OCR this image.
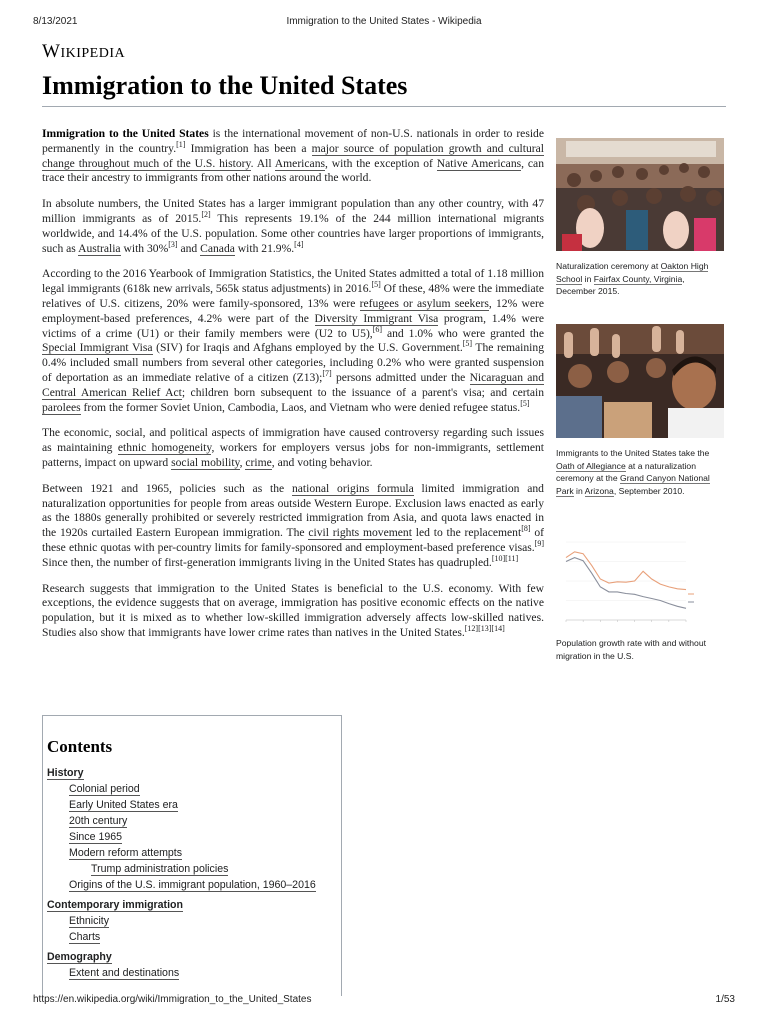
8/13/2021	Immigration to the United States - Wikipedia
WIKIPEDIA
Immigration to the United States

Immigration to the United States is the international movement of non-U.S. nationals in order to reside permanently in the country.[1] Immigration has been a major source of population growth and cultural change throughout much of the U.S. history. All Americans, with the exception of Native Americans, can trace their ancestry to immigrants from other nations around the world.

In absolute numbers, the United States has a larger immigrant population than any other country, with 47 million immigrants as of 2015.[2] This represents 19.1% of the 244 million international migrants worldwide, and 14.4% of the U.S. population. Some other countries have larger proportions of immigrants, such as Australia with 30%[3] and Canada with 21.9%.[4]

According to the 2016 Yearbook of Immigration Statistics, the United States admitted a total of 1.18 million legal immigrants (618k new arrivals, 565k status adjustments) in 2016.[5] Of these, 48% were the immediate relatives of U.S. citizens, 20% were family-sponsored, 13% were refugees or asylum seekers, 12% were employment-based preferences, 4.2% were part of the Diversity Immigrant Visa program, 1.4% were victims of a crime (U1) or their family members were (U2 to U5),[6] and 1.0% who were granted the Special Immigrant Visa (SIV) for Iraqis and Afghans employed by the U.S. Government.[5] The remaining 0.4% included small numbers from several other categories, including 0.2% who were granted suspension of deportation as an immediate relative of a citizen (Z13);[7] persons admitted under the Nicaraguan and Central American Relief Act; children born subsequent to the issuance of a parent's visa; and certain parolees from the former Soviet Union, Cambodia, Laos, and Vietnam who were denied refugee status.[5]

The economic, social, and political aspects of immigration have caused controversy regarding such issues as maintaining ethnic homogeneity, workers for employers versus jobs for non-immigrants, settlement patterns, impact on upward social mobility, crime, and voting behavior.

Between 1921 and 1965, policies such as the national origins formula limited immigration and naturalization opportunities for people from areas outside Western Europe. Exclusion laws enacted as early as the 1880s generally prohibited or severely restricted immigration from Asia, and quota laws enacted in the 1920s curtailed Eastern European immigration. The civil rights movement led to the replacement[8] of these ethnic quotas with per-country limits for family-sponsored and employment-based preference visas.[9] Since then, the number of first-generation immigrants living in the United States has quadrupled.[10][11]

Research suggests that immigration to the United States is beneficial to the U.S. economy. With few exceptions, the evidence suggests that on average, immigration has positive economic effects on the native population, but it is mixed as to whether low-skilled immigration adversely affects low-skilled natives. Studies also show that immigrants have lower crime rates than natives in the United States.[12][13][14]

Naturalization ceremony at Oakton High School in Fairfax County, Virginia, December 2015.
Immigrants to the United States take the Oath of Allegiance at a naturalization ceremony at the Grand Canyon National Park in Arizona, September 2010.
Population growth rate with and without migration in the U.S.
Contents
History
Colonial period
Early United States era
20th century
Since 1965
Modern reform attempts
Trump administration policies
Origins of the U.S. immigrant population, 1960–2016
Contemporary immigration
Ethnicity
Charts
Demography
Extent and destinations
https://en.wikipedia.org/wiki/Immigration_to_the_United_States	1/53
